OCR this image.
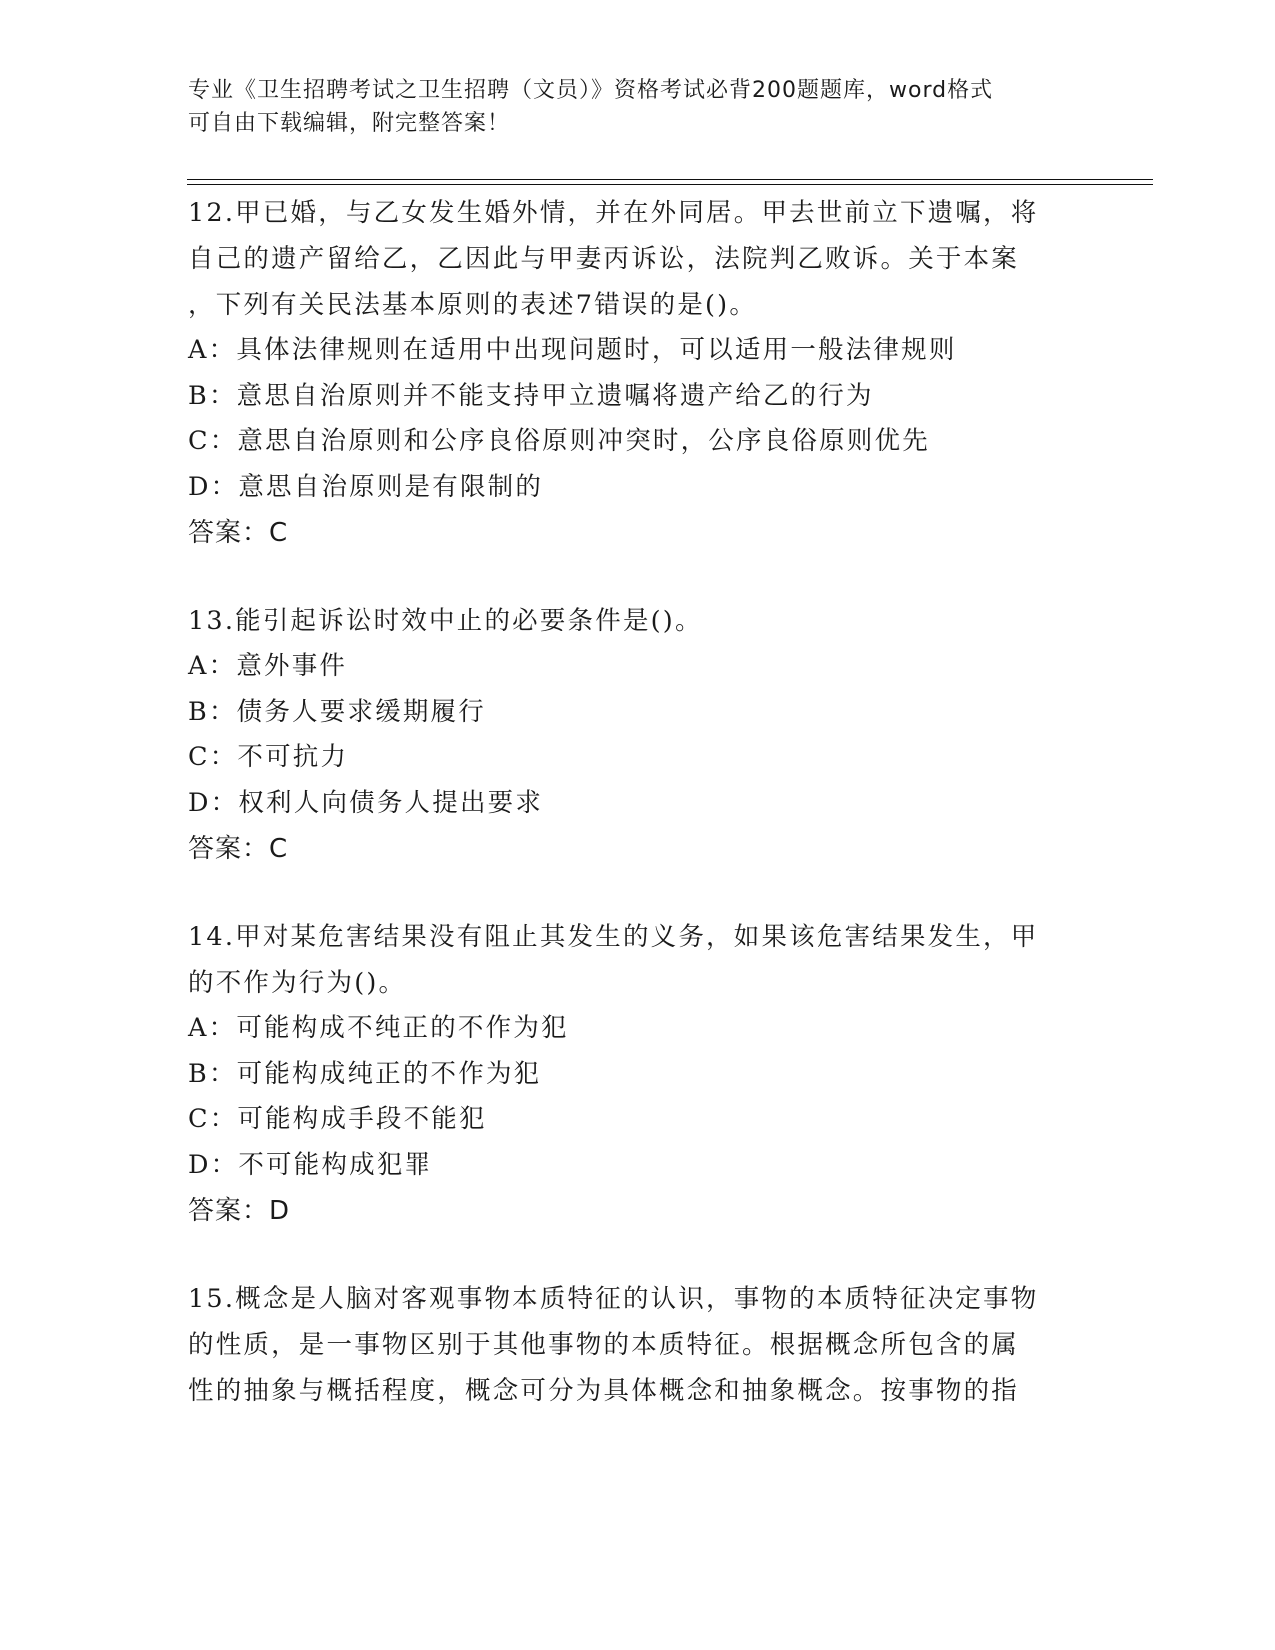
专业《卫生招聘考试之卫生招聘（文员）》资格考试必背200题题库，word格式
可自由下载编辑，附完整答案！

12.甲已婚，与乙女发生婚外情，并在外同居。甲去世前立下遗嘱，将

自己的遗产留给乙，乙因此与甲妻丙诉讼，法院判乙败诉。关于本案

，下列有关民法基本原则的表述7错误的是()。

A：具体法律规则在适用中出现问题时，可以适用一般法律规则

B：意思自治原则并不能支持甲立遗嘱将遗产给乙的行为

C：意思自治原则和公序良俗原则冲突时，公序良俗原则优先

D：意思自治原则是有限制的

答案：C

13.能引起诉讼时效中止的必要条件是()。

A：意外事件

B：债务人要求缓期履行

C：不可抗力

D：权利人向债务人提出要求

答案：C

14.甲对某危害结果没有阻止其发生的义务，如果该危害结果发生，甲

的不作为行为()。

A：可能构成不纯正的不作为犯

B：可能构成纯正的不作为犯

C：可能构成手段不能犯

D：不可能构成犯罪

答案：D

15.概念是人脑对客观事物本质特征的认识，事物的本质特征决定事物

的性质，是一事物区别于其他事物的本质特征。根据概念所包含的属

性的抽象与概括程度，概念可分为具体概念和抽象概念。按事物的指
